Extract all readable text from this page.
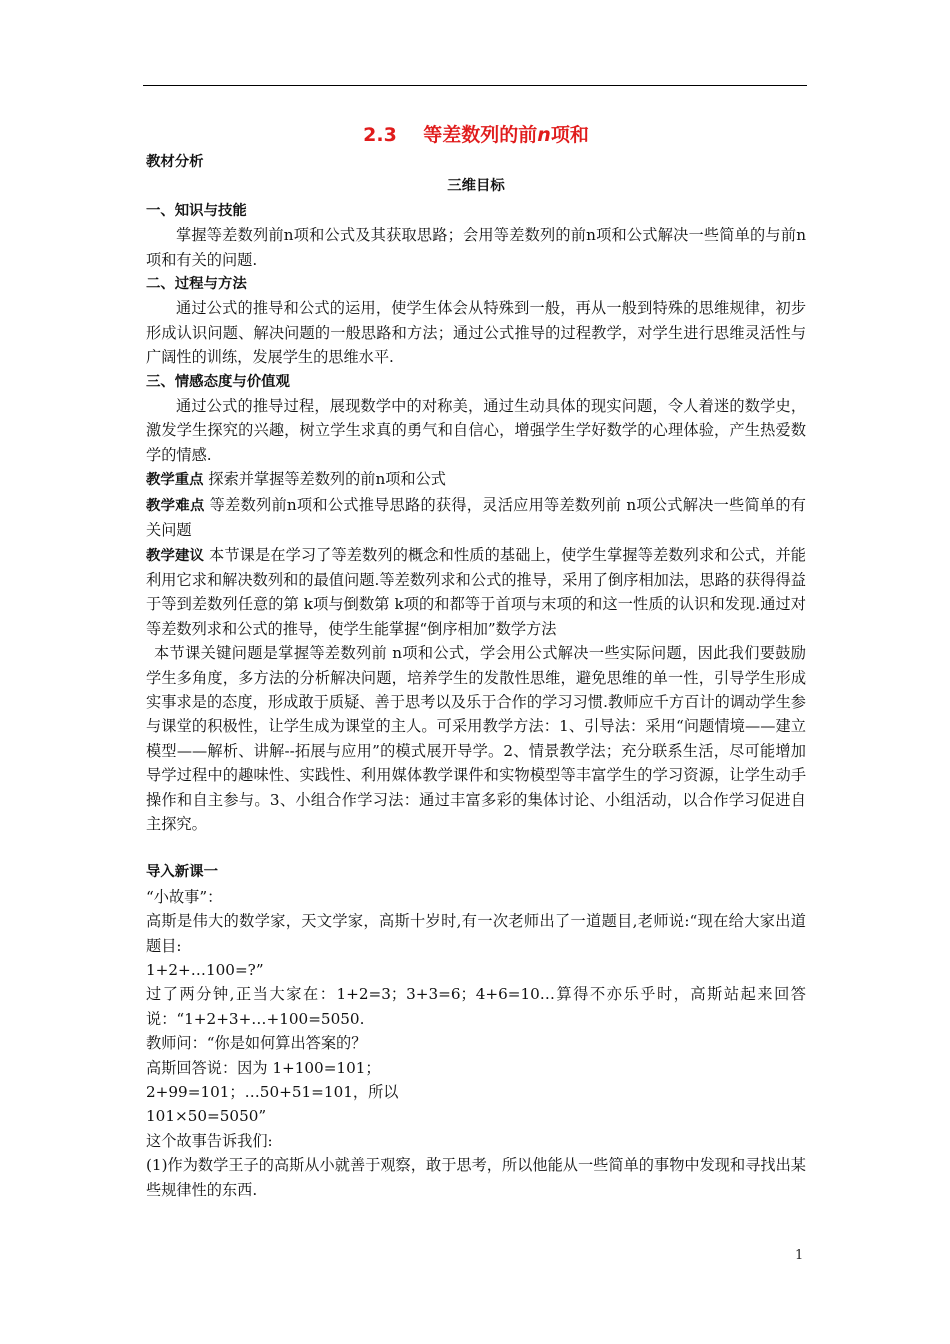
2.3 等差数列的前n项和
教材分析
三维目标
一、知识与技能
掌握等差数列前n项和公式及其获取思路；会用等差数列的前n项和公式解决一些简单的与前n项和有关的问题.
二、过程与方法
通过公式的推导和公式的运用，使学生体会从特殊到一般，再从一般到特殊的思维规律，初步形成认识问题、解决问题的一般思路和方法；通过公式推导的过程教学，对学生进行思维灵活性与广阔性的训练，发展学生的思维水平.
三、情感态度与价值观
通过公式的推导过程，展现数学中的对称美，通过生动具体的现实问题，令人着迷的数学史，激发学生探究的兴趣，树立学生求真的勇气和自信心，增强学生学好数学的心理体验，产生热爱数学的情感.
教学重点 探索并掌握等差数列的前n项和公式
教学难点 等差数列前n项和公式推导思路的获得，灵活应用等差数列前 n项公式解决一些简单的有关问题
教学建议 本节课是在学习了等差数列的概念和性质的基础上，使学生掌握等差数列求和公式，并能利用它求和解决数列和的最值问题.等差数列求和公式的推导，采用了倒序相加法，思路的获得得益于等到差数列任意的第 k项与倒数第 k项的和都等于首项与末项的和这一性质的认识和发现.通过对等差数列求和公式的推导，使学生能掌握“倒序相加”数学方法
本节课关键问题是掌握等差数列前 n项和公式，学会用公式解决一些实际问题，因此我们要鼓励学生多角度，多方法的分析解决问题，培养学生的发散性思维，避免思维的单一性，引导学生形成实事求是的态度，形成敢于质疑、善于思考以及乐于合作的学习习惯.教师应千方百计的调动学生参与课堂的积极性，让学生成为课堂的主人。可采用教学方法：1、引导法：采用“问题情境——建立模型——解析、讲解--拓展与应用”的模式展开导学。2、情景教学法；充分联系生活，尽可能增加导学过程中的趣味性、实践性、利用媒体教学课件和实物模型等丰富学生的学习资源，让学生动手操作和自主参与。3、小组合作学习法：通过丰富多彩的集体讨论、小组活动，以合作学习促进自主探究。
导入新课一
“小故事”：
高斯是伟大的数学家，天文学家，高斯十岁时,有一次老师出了一道题目,老师说:“现在给大家出道题目:
1+2+…100=?”
过了两分钟,正当大家在：1+2=3；3+3=6；4+6=10…算得不亦乐乎时，高斯站起来回答说：“1+2+3+…+100=5050.
教师问：“你是如何算出答案的？
高斯回答说：因为 1+100=101；
2+99=101；…50+51=101，所以
101×50=5050”
这个故事告诉我们:
(1)作为数学王子的高斯从小就善于观察，敢于思考，所以他能从一些简单的事物中发现和寻找出某些规律性的东西.
1
